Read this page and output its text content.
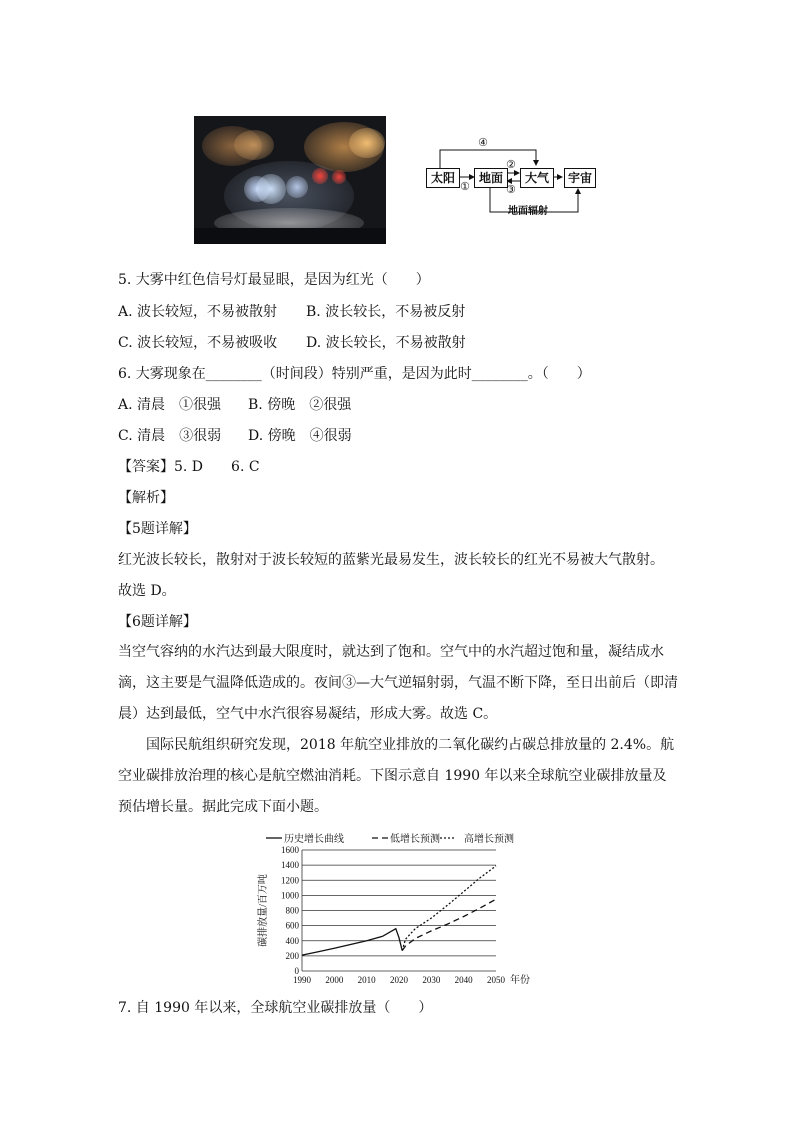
太阳	地面	大气	宇宙
④
①
②
③
地面辐射
5. 大雾中红色信号灯最显眼，是因为红光（　　）
A. 波长较短，不易被散射 B. 波长较长，不易被反射
C. 波长较短，不易被吸收 D. 波长较长，不易被散射
6. 大雾现象在________（时间段）特别严重，是因为此时________。（　　）
A. 清晨　①很强 B. 傍晚　②很强
C. 清晨　③很弱 D. 傍晚　④很弱
【答案】5. D　　6. C
【解析】
【5题详解】
红光波长较长，散射对于波长较短的蓝紫光最易发生，波长较长的红光不易被大气散射。
故选 D。
【6题详解】
当空气容纳的水汽达到最大限度时，就达到了饱和。空气中的水汽超过饱和量，凝结成水滴，这主要是气温降低造成的。夜间③—大气逆辐射弱，气温不断下降，至日出前后（即清晨）达到最低，空气中水汽很容易凝结，形成大雾。故选 C。
国际民航组织研究发现，2018 年航空业排放的二氧化碳约占碳总排放量的 2.4%。航空业碳排放治理的核心是航空燃油消耗。下图示意自 1990 年以来全球航空业碳排放量及预估增长量。据此完成下面小题。
0
200
400
600
800
1000
1200
1400
1600
1990 2000 2010 2020 2030 2040 2050 年份
碳排放量/百万吨
历史增长曲线	低增长预测 高增长预测
7. 自 1990 年以来，全球航空业碳排放量（　　）
